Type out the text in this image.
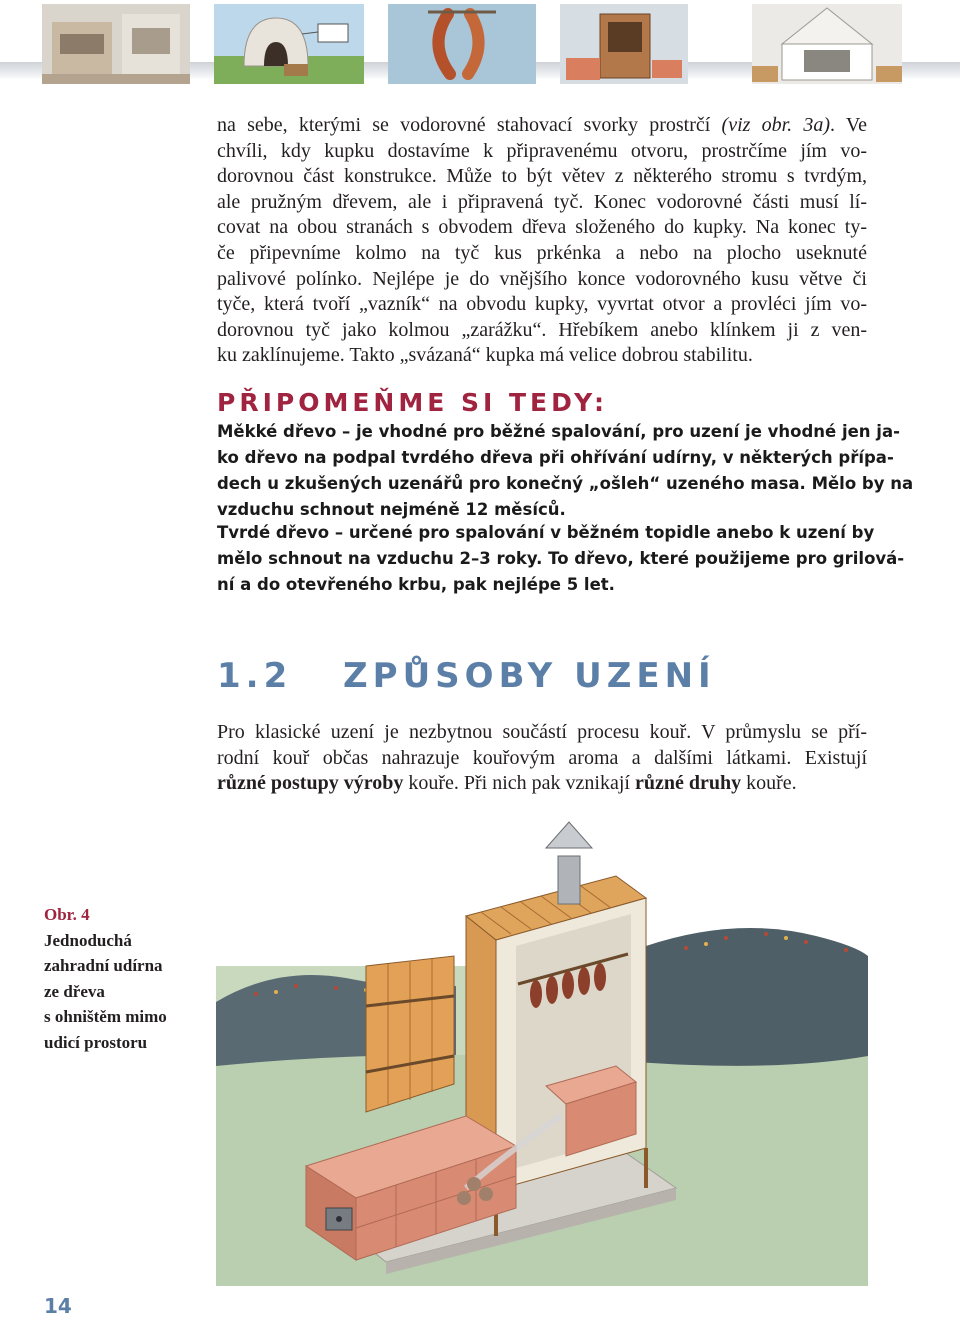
na sebe, kterými se vodorovné stahovací svorky prostrčí (viz obr. 3a). Ve
chvíli, kdy kupku dostavíme k připravenému otvoru, prostrčíme jím vo-
dorovnou část konstrukce. Může to být větev z některého stromu s tvrdým,
ale pružným dřevem, ale i připravená tyč. Konec vodorovné části musí lí-
covat na obou stranách s obvodem dřeva složeného do kupky. Na konec ty-
če připevníme kolmo na tyč kus prkénka a nebo na plocho useknuté
palivové polínko. Nejlépe je do vnějšího konce vodorovného kusu větve či
tyče, která tvoří „vazník“ na obvodu kupky, vyvrtat otvor a provléci jím vo-
dorovnou tyč jako kolmou „zarážku“. Hřebíkem anebo klínkem ji z ven-
ku zaklínujeme. Takto „svázaná“ kupka má velice dobrou stabilitu.

PŘIPOMEŇME SI TEDY:

Měkké dřevo – je vhodné pro běžné spalování, pro uzení je vhodné jen ja-
ko dřevo na podpal tvrdého dřeva při ohřívání udírny, v některých přípa-
dech u zkušených uzenářů pro konečný „ošleh“ uzeného masa. Mělo by na
vzduchu schnout nejméně 12 měsíců.

Tvrdé dřevo – určené pro spalování v běžném topidle anebo k uzení by
mělo schnout na vzduchu 2–3 roky. To dřevo, které použijeme pro grilová-
ní a do otevřeného krbu, pak nejlépe 5 let.

1.2	ZPŮSOBY UZENÍ

Pro klasické uzení je nezbytnou součástí procesu kouř. V průmyslu se pří-
rodní kouř občas nahrazuje kouřovým aroma a dalšími látkami. Existují
různé postupy výroby kouře. Při nich pak vznikají různé druhy kouře.

Obr. 4
Jednoduchá
zahradní udírna
ze dřeva
s ohništěm mimo
udicí prostoru

14
